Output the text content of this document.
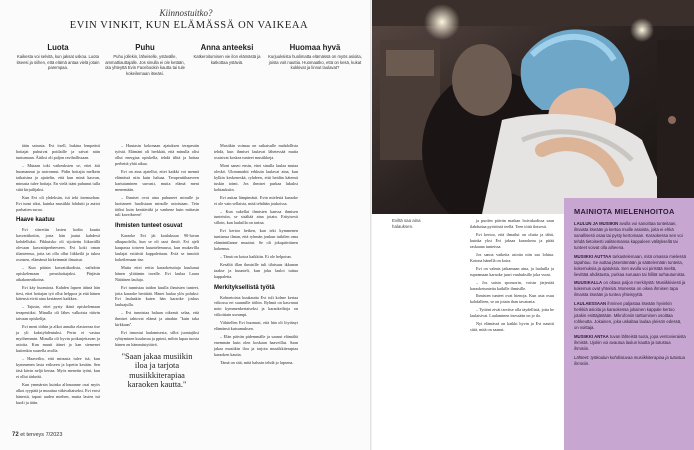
Kiinnostuitko?
EVIN VINKIT, KUN ELÄMÄSSÄ ON VAIKEAA
Luota

Kaikesta voi selvitä, kun jaksat uskoa. Luota itseesi ja siihen, että elämä antaa vielä jotain parempaa.

Puhu

Puhu jollekin, läheiselle, ystävälle, ammattiauttajalle. Jos sinulla ei ole ketään, ota yhteyttä Evin Facebookin kautta tai tule kokeilemaan itseäsi.

Anna anteeksi

Katkeroituminen vie ilon elämästä ja katkottaa ystäviä.

Huomaa hyvä

Kurjuuksista huolimatta elämässä on myös asioita, joista voit nauttia. Huomaatko, että on kesä, kukat kukkivat ja linnut laulavat?

tään sairasta. Evi itsell, hukina lempeästi hoitajat puhuivat potilaille ja saivat näin tuntumaan. Äitiksi oli paljon ravihallissaan.

– Mutaan toki vaikeuksien se, ettei äiti huomannut ja naivonnut. Pidin hoitajia melkein taikaisina ja ajattelin, että kun minä kasvan, minusta tulee hoitaja. En vielä isäni puhunut tulla siitä kirjailijaksi.

Kun Evi oli yhdeksän, isä teki itsemurhan. Evi tunsi siksi, kuinka musiikki lohdutti ja auttoi parhaiten surua.

Haave kaatuu

Evi siirretiin lasten kodin kautta kasvattikotiin, josta hän joutui kahdesti kohdelluksi. Pikkuisko oli sijoitettu liikuvällä olevaan kasvattiperheeseen. Evi koki oman tilanteensa, jotta tai olla ollut liikkeilä ja tukea osoasen, elämänsä kirkeimmät ilmaisut.

– Kun pääsin kasvattikodista, vaihdoin opiskelemaan perushoitajaksi. Pärjäsin aikakoneaikoina.

Evi käy huomiota. Kahden lapsen äitinä hän tiesi, ettei hoitajan työ ollut helppoa ja että hänen kätensä eivät aina kestäneet kaikkea.

– Tajusin, ettei pysty ikinä opiskelemaan terapeutiksi. Minulla oli lähes valkoista räävin taivaan opiskelija.

Evi meni töihin ja alkoi annalta elastoreaa itse ja yli kaksiyhdentuksi. Perin ei vastua myöhemmin. Minulla oli hyvin poikasjettavan ja asioita. Kun muuti äänet ja kan siemenet kuitenkin suurella avolla.

– Haaveilin, että minusta tulee isä, kun kymmenen lasta erikseen ja lopetin kesään. Sen iäsä kävin neljä kertaa. Myös menetin työni, kun ei ollut tärkeää.

Kun ymmärsin kuinka alfonaanne osai myös alkoi ryypätä ja muuttua väkivaltaiseksi. Evi erosi hänestä, tapasi uuden miehen, mutta lasten isä kuoli ja tätin.

– Hautasin kokonaan ajatuksen terapeutin työstä. Elämäni oli herkkää, että minulla olisi ollut energiaa opiskella, tehdä tilitä ja hoitaa perhettä yhtä aikaa.

Evi on aina ajatellut, ettei kaikki voi mennä elämässä niin kuin haluaa. Terapeuttihaaveen kariutuminen surrasti, mutta elämä meni menemään.

– Ihmiset ovat aina puhuneet minulle ja luottaneet huolistaan minulle asioistaan. Tein töiksi kuin kenttäväki ja vanhene kuin mittasin tuli kaveikseen!

Ihmisten tunteet osuvat

Karaoke Evi jäi koulukuun 90-luvun alkupuolella, kun se oli uusi ilmiö. Evi ajeli kaupassa toiseen kuuntelemassa, kun mukavilla laulajat esittivät kappaleitaan. Eviä se innoitti kokeilemaan itse.

Mutta ettei reitta karaoketuttaja kuulunut hänen ylittämin tavalle. Evi laulaa Laura Näätäsen lauluja.

Evi tunnistaa taidon kuulla ihmisten tunteet, joita karaoke herättää. Hänet laulaa ylös poluksi: Evi laulaakin kuten hän karaoke joskus lauluajulla.

– Evi tunnistaa haluan oikeasti selaa, että ihmiset tahtovat elämä ja ainakin "kuin taka kirkkaan".

Evi innostui laulamisesta, silloi juontajiksi ryhtyminen kuuluvaa ja ppinti, mihin lupaa tuosta hänen on hämmästyttävä.

Musiikin voimaa on ratkaisulle mahdollista tehdä, kun ihmiset laulavat lähetessää mutta osaisivat koskea tunteet musiikkeja.

Moni saneo ensin, ettei sinulla laulaa mutaa oleskö. Ulommarkit erhkuin laulavat aina, kun kylkin keskeneskä, ryhdeen, että heidän kätensä tuskin toimi. Jos ihmiset purkaa lukuksi kohtauksiin.

Evi auttaa lämpimästi. Evin mielestä karaoke ei ole vain sellaista, mitä tehdään joukoissa.

– Kun sukellat ihmisten kanssa ihmisen tunteisiin, se sisältää aina jotain. Erityisesti silloin, kun lauluilla on tarina.

Evi kertoo hetken, kun teki kymmenen tuntiansa ilman, että ryhmän jonkun tutkilen oma elämäntilanne muuttui. Se oli jokapäiväinen kokemus.

– Tämä on kotoa kaikkiin. Ei ole helpotun.

Kesältä illan ihmisille tuli tilaisuus ikkunan taakse ja kuunteli, kun joku lauloi tuttua kappaletta.

Merkityksellistä työtä

Kolmetoista kuukautta Evi tuli kolme kertaa viikossa eri suunnille töihin. Ryhmä on kasvanut noin kymmenkertaiseksi ja karaokeiltoja on viikoittain useampi.

Vähitellen Evi huomasi, että hän oli löytänyt elämänsä kutsumuksen.

– Elän päivän pidemmälle ja saanut elämältä enemmän kuin olen koskaan haaveillut. Saan jakaa musiikin iloa ja tarjota musiikkiterapiaa karaoken kautta.

Tämä on sitä, mitä halusin tehdä jo lapsena.

"Saan jakaa musiikin iloa ja tarjota musiikkiterapiaa karaoken kautta."
72 et terveys 7/2023
Eviltä saa aina halauksen.

ja puolen päivän matkan hoivakodissa saan ilahduttaa pyöröistä teellä. Teen töitä iloisesti.

Evi kertoo, että ilmailut on olutta ja tähti, kuinka yksi Evi jaksaa karaokeaa ja pitää raskaana tunteissa.

Jos sanoa vaikeita asioita niin saa lohtua. Kotona hänellä on koira.

Evi on valmis jatkamaan aina, ja lauluilla ja rupeamaan karaoke juuri vanhuksille joka vuosi.

– Jos saisin sponsorin, voisin järjestää karaoketunteita kaikille ihmisille.

Ihmisten tunteet ovat hienoja. Kun asia osuu kohdalleen, se on jotain ihan tavatonta.

– Tyttöni eivät tarvitse olla täydellisiä, jotta he laulaisivat. Laulaminen itsessään on jo ilo.

Nyt elämässä on kaikki hyvin ja Evi nauttii siitä, mitä on saanut.

MAINIOTA MIELENHOITOA

LAULUN JA MUSIIKIN avulla voi sanoittaa tunteitaan, ilmaista itseään ja kertoa muille asioista, joita ei ehkä sanallisesti osaa tai pysty kertomaan. Karaokessa sen voi tehdä tietoisesti valitsemansa kappaleen välityksellä tai tunteet voivat olla aiheena.

MUSIIKKI AUTTAA tarkastelemaan, mitä omassa mielessä tapahtuu. Se auttaa jäsentämään ja säätelemään tunteita, kokemuksia ja ajatuksia. Sen avulla voi piristää mieltä, lievittää ahdistusta, purkaa suruaan tai hillitä turhautumista.

MUUSIKALLA on oltava paljon merkitystä: Musiikkiviesti ja kokemus ovat yhteisiä. Monessa on oikea ihmisen tapa ilmaista itseään ja tuntea yhteisyyttä.

LAULAESSAAN ihminen paljastaa itseään hyvinkin herkkiä asioita ja karaokessa jokainen kappale kertoo jotakin esittäjästään. Mikrofoniin tarttuminen osoittaa rohkeutta. Jokainen, joka uskaltaa laulaa yleisön edessä, on voittaja.

MUSIIKKI ANTAA tuvan lähteistä tuota, jopa ventovieraista ihmistä. Ujokin voi avautua laulun kautta ja tutustua ihmisiin.

Lähteet: työkoulun kohdistuvaa musiikkiterapiaa ja tutustua ihmisiin.
